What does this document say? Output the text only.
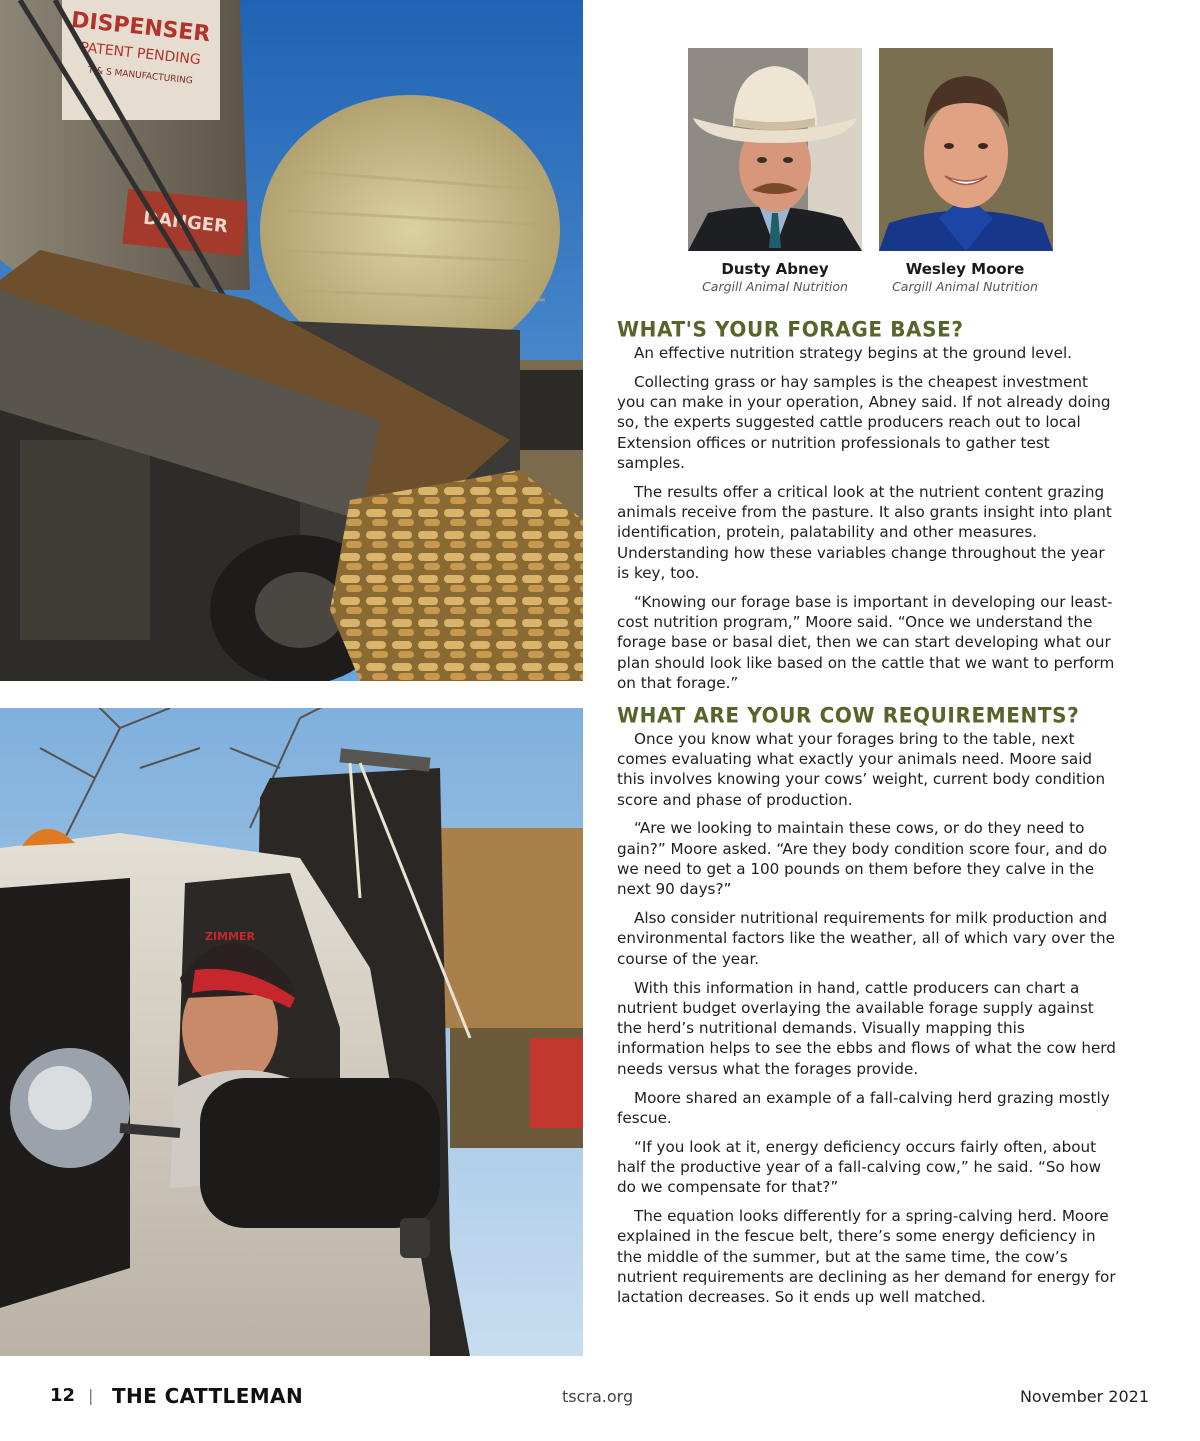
DISPENSER
PATENT PENDING
T & S MANUFACTURING
DANGER
ZIMMER
Dusty Abney
Cargill Animal Nutrition
Wesley Moore
Cargill Animal Nutrition
WHAT'S YOUR FORAGE BASE?

An effective nutrition strategy begins at the ground level.

Collecting grass or hay samples is the cheapest investment you can make in your operation, Abney said. If not already doing so, the experts suggested cattle producers reach out to local Extension offices or nutrition professionals to gather test samples.

The results offer a critical look at the nutrient content grazing animals receive from the pasture. It also grants insight into plant identification, protein, palatability and other measures. Understanding how these variables change throughout the year is key, too.

“Knowing our forage base is important in developing our least-cost nutrition program,” Moore said. “Once we understand the forage base or basal diet, then we can start developing what our plan should look like based on the cattle that we want to perform on that forage.”

WHAT ARE YOUR COW REQUIREMENTS?

Once you know what your forages bring to the table, next comes evaluating what exactly your animals need. Moore said this involves knowing your cows’ weight, current body condition score and phase of production.

“Are we looking to maintain these cows, or do they need to gain?” Moore asked. “Are they body condition score four, and do we need to get a 100 pounds on them before they calve in the next 90 days?”

Also consider nutritional requirements for milk production and environmental factors like the weather, all of which vary over the course of the year.

With this information in hand, cattle producers can chart a nutrient budget overlaying the available forage supply against the herd’s nutritional demands. Visually mapping this information helps to see the ebbs and flows of what the cow herd needs versus what the forages provide.

Moore shared an example of a fall-calving herd grazing mostly fescue.

“If you look at it, energy deficiency occurs fairly often, about half the productive year of a fall-calving cow,” he said. “So how do we compensate for that?”

The equation looks differently for a spring-calving herd. Moore explained in the fescue belt, there’s some energy deficiency in the middle of the summer, but at the same time, the cow’s nutrient requirements are declining as her demand for energy for lactation decreases. So it ends up well matched.

12 | THE CATTLEMAN	tscra.org	November 2021
